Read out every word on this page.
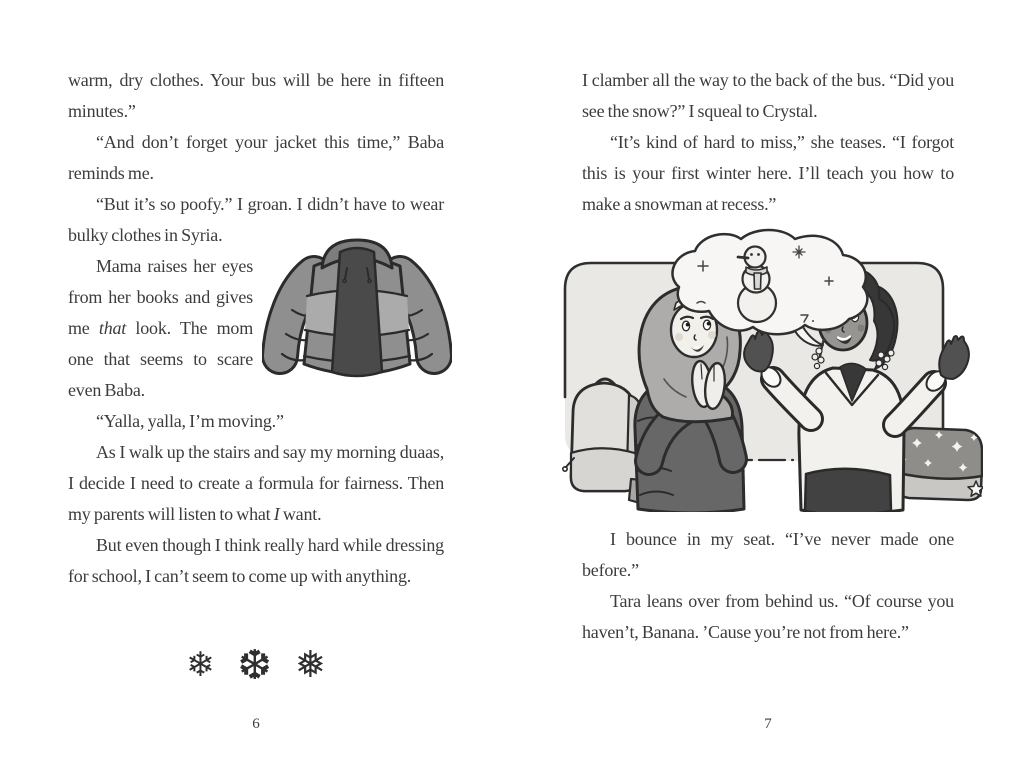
warm, dry clothes. Your bus will be here in fifteen minutes.”

“And don’t forget your jacket this time,” Baba reminds me.

“But it’s so poofy.” I groan. I didn’t have to wear bulky clothes in Syria.

Mama raises her eyes from her books and gives me that look. The mom one that seems to scare even Baba.

“Yalla, yalla, I’m moving.”

As I walk up the stairs and say my morning duaas, I decide I need to create a formula for fairness. Then my parents will listen to what I want.

But even though I think really hard while dressing for school, I can’t seem to come up with anything.

❄ ❆ ❅
6

I clamber all the way to the back of the bus. “Did you see the snow?” I squeal to Crystal.

“It’s kind of hard to miss,” she teases. “I forgot this is your first winter here. I’ll teach you how to make a snowman at recess.”

I bounce in my seat. “I’ve never made one before.”

Tara leans over from behind us. “Of course you haven’t, Banana. ’Cause you’re not from here.”

7
